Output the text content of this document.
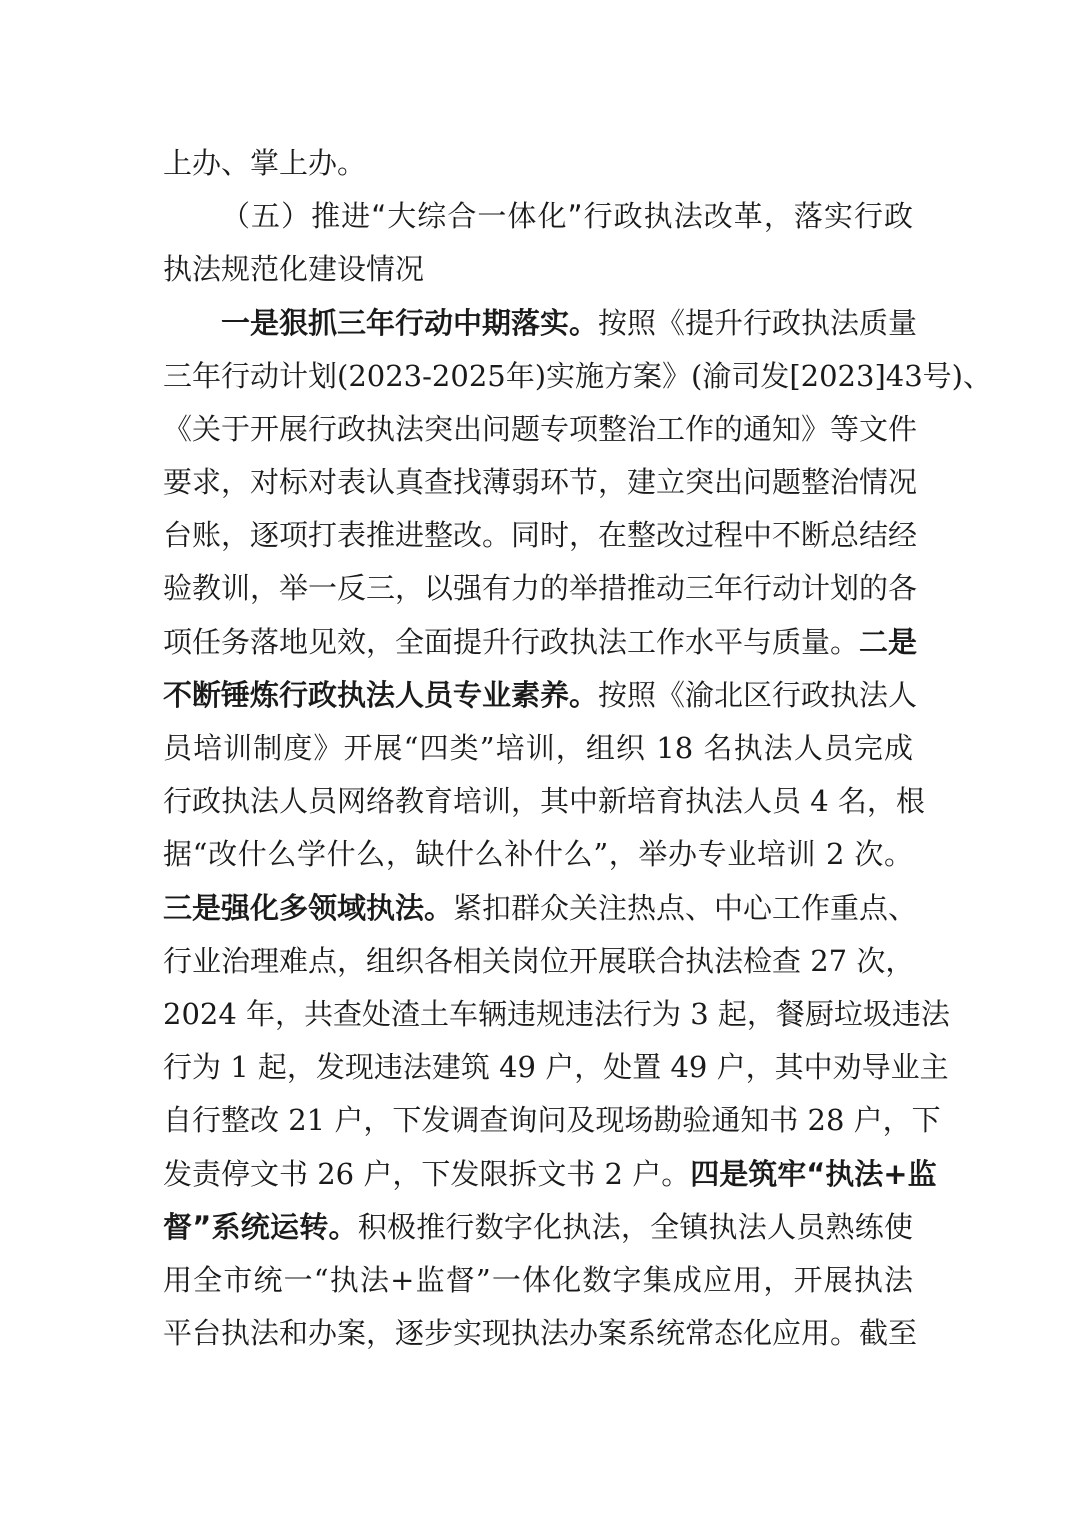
上办、掌上办。
（五）推进“大综合一体化”行政执法改革，落实行政
执法规范化建设情况
一是狠抓三年行动中期落实。按照《提升行政执法质量
三年行动计划(2023-2025年)实施方案》(渝司发[2023]43号)、
《关于开展行政执法突出问题专项整治工作的通知》等文件
要求，对标对表认真查找薄弱环节，建立突出问题整治情况
台账，逐项打表推进整改。同时，在整改过程中不断总结经
验教训，举一反三，以强有力的举措推动三年行动计划的各
项任务落地见效，全面提升行政执法工作水平与质量。二是
不断锤炼行政执法人员专业素养。按照《渝北区行政执法人
员培训制度》开展“四类”培训，组织 18 名执法人员完成
行政执法人员网络教育培训，其中新培育执法人员 4 名，根
据“改什么学什么，缺什么补什么”，举办专业培训 2 次。
三是强化多领域执法。紧扣群众关注热点、中心工作重点、
行业治理难点，组织各相关岗位开展联合执法检查 27 次，
2024 年，共查处渣土车辆违规违法行为 3 起，餐厨垃圾违法
行为 1 起，发现违法建筑 49 户，处置 49 户，其中劝导业主
自行整改 21 户，下发调查询问及现场勘验通知书 28 户，下
发责停文书 26 户，下发限拆文书 2 户。四是筑牢“执法+监
督”系统运转。积极推行数字化执法，全镇执法人员熟练使
用全市统一“执法+监督”一体化数字集成应用，开展执法
平台执法和办案，逐步实现执法办案系统常态化应用。截至
